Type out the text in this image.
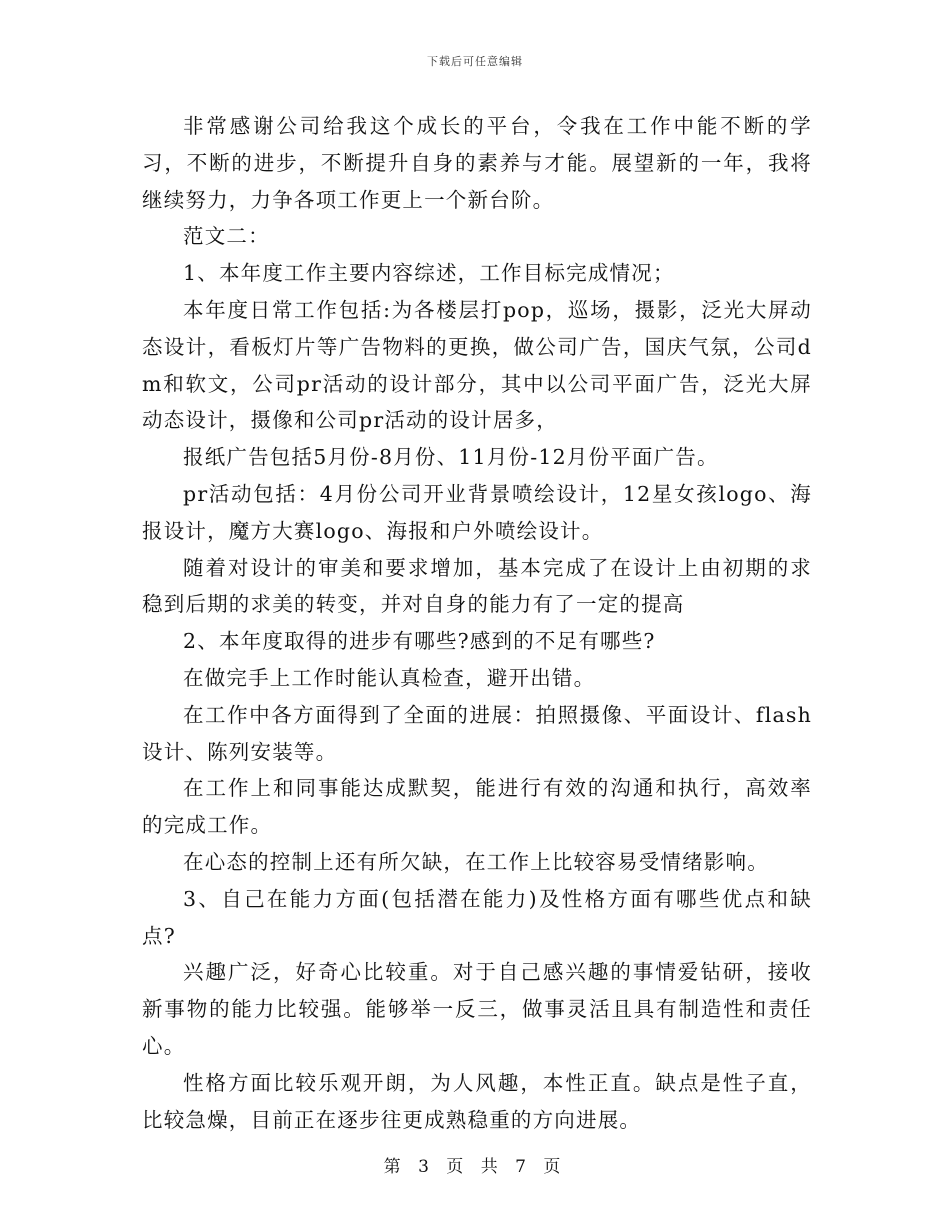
下载后可任意编辑

非常感谢公司给我这个成长的平台，令我在工作中能不断的学习，不断的进步，不断提升自身的素养与才能。展望新的一年，我将继续努力，力争各项工作更上一个新台阶。

范文二：

1、本年度工作主要内容综述，工作目标完成情况；

本年度日常工作包括:为各楼层打pop，巡场，摄影，泛光大屏动态设计，看板灯片等广告物料的更换，做公司广告，国庆气氛，公司dm和软文，公司pr活动的设计部分，其中以公司平面广告，泛光大屏动态设计，摄像和公司pr活动的设计居多，

报纸广告包括5月份-8月份、11月份-12月份平面广告。

pr活动包括：4月份公司开业背景喷绘设计，12星女孩logo、海报设计，魔方大赛logo、海报和户外喷绘设计。

随着对设计的审美和要求增加，基本完成了在设计上由初期的求稳到后期的求美的转变，并对自身的能力有了一定的提高

2、本年度取得的进步有哪些?感到的不足有哪些?

在做完手上工作时能认真检查，避开出错。

在工作中各方面得到了全面的进展：拍照摄像、平面设计、flash设计、陈列安装等。

在工作上和同事能达成默契，能进行有效的沟通和执行，高效率的完成工作。

在心态的控制上还有所欠缺，在工作上比较容易受情绪影响。

3、自己在能力方面(包括潜在能力)及性格方面有哪些优点和缺点?

兴趣广泛，好奇心比较重。对于自己感兴趣的事情爱钻研，接收新事物的能力比较强。能够举一反三，做事灵活且具有制造性和责任心。

性格方面比较乐观开朗，为人风趣，本性正直。缺点是性子直，比较急燥，目前正在逐步往更成熟稳重的方向进展。

第 3 页 共 7 页
